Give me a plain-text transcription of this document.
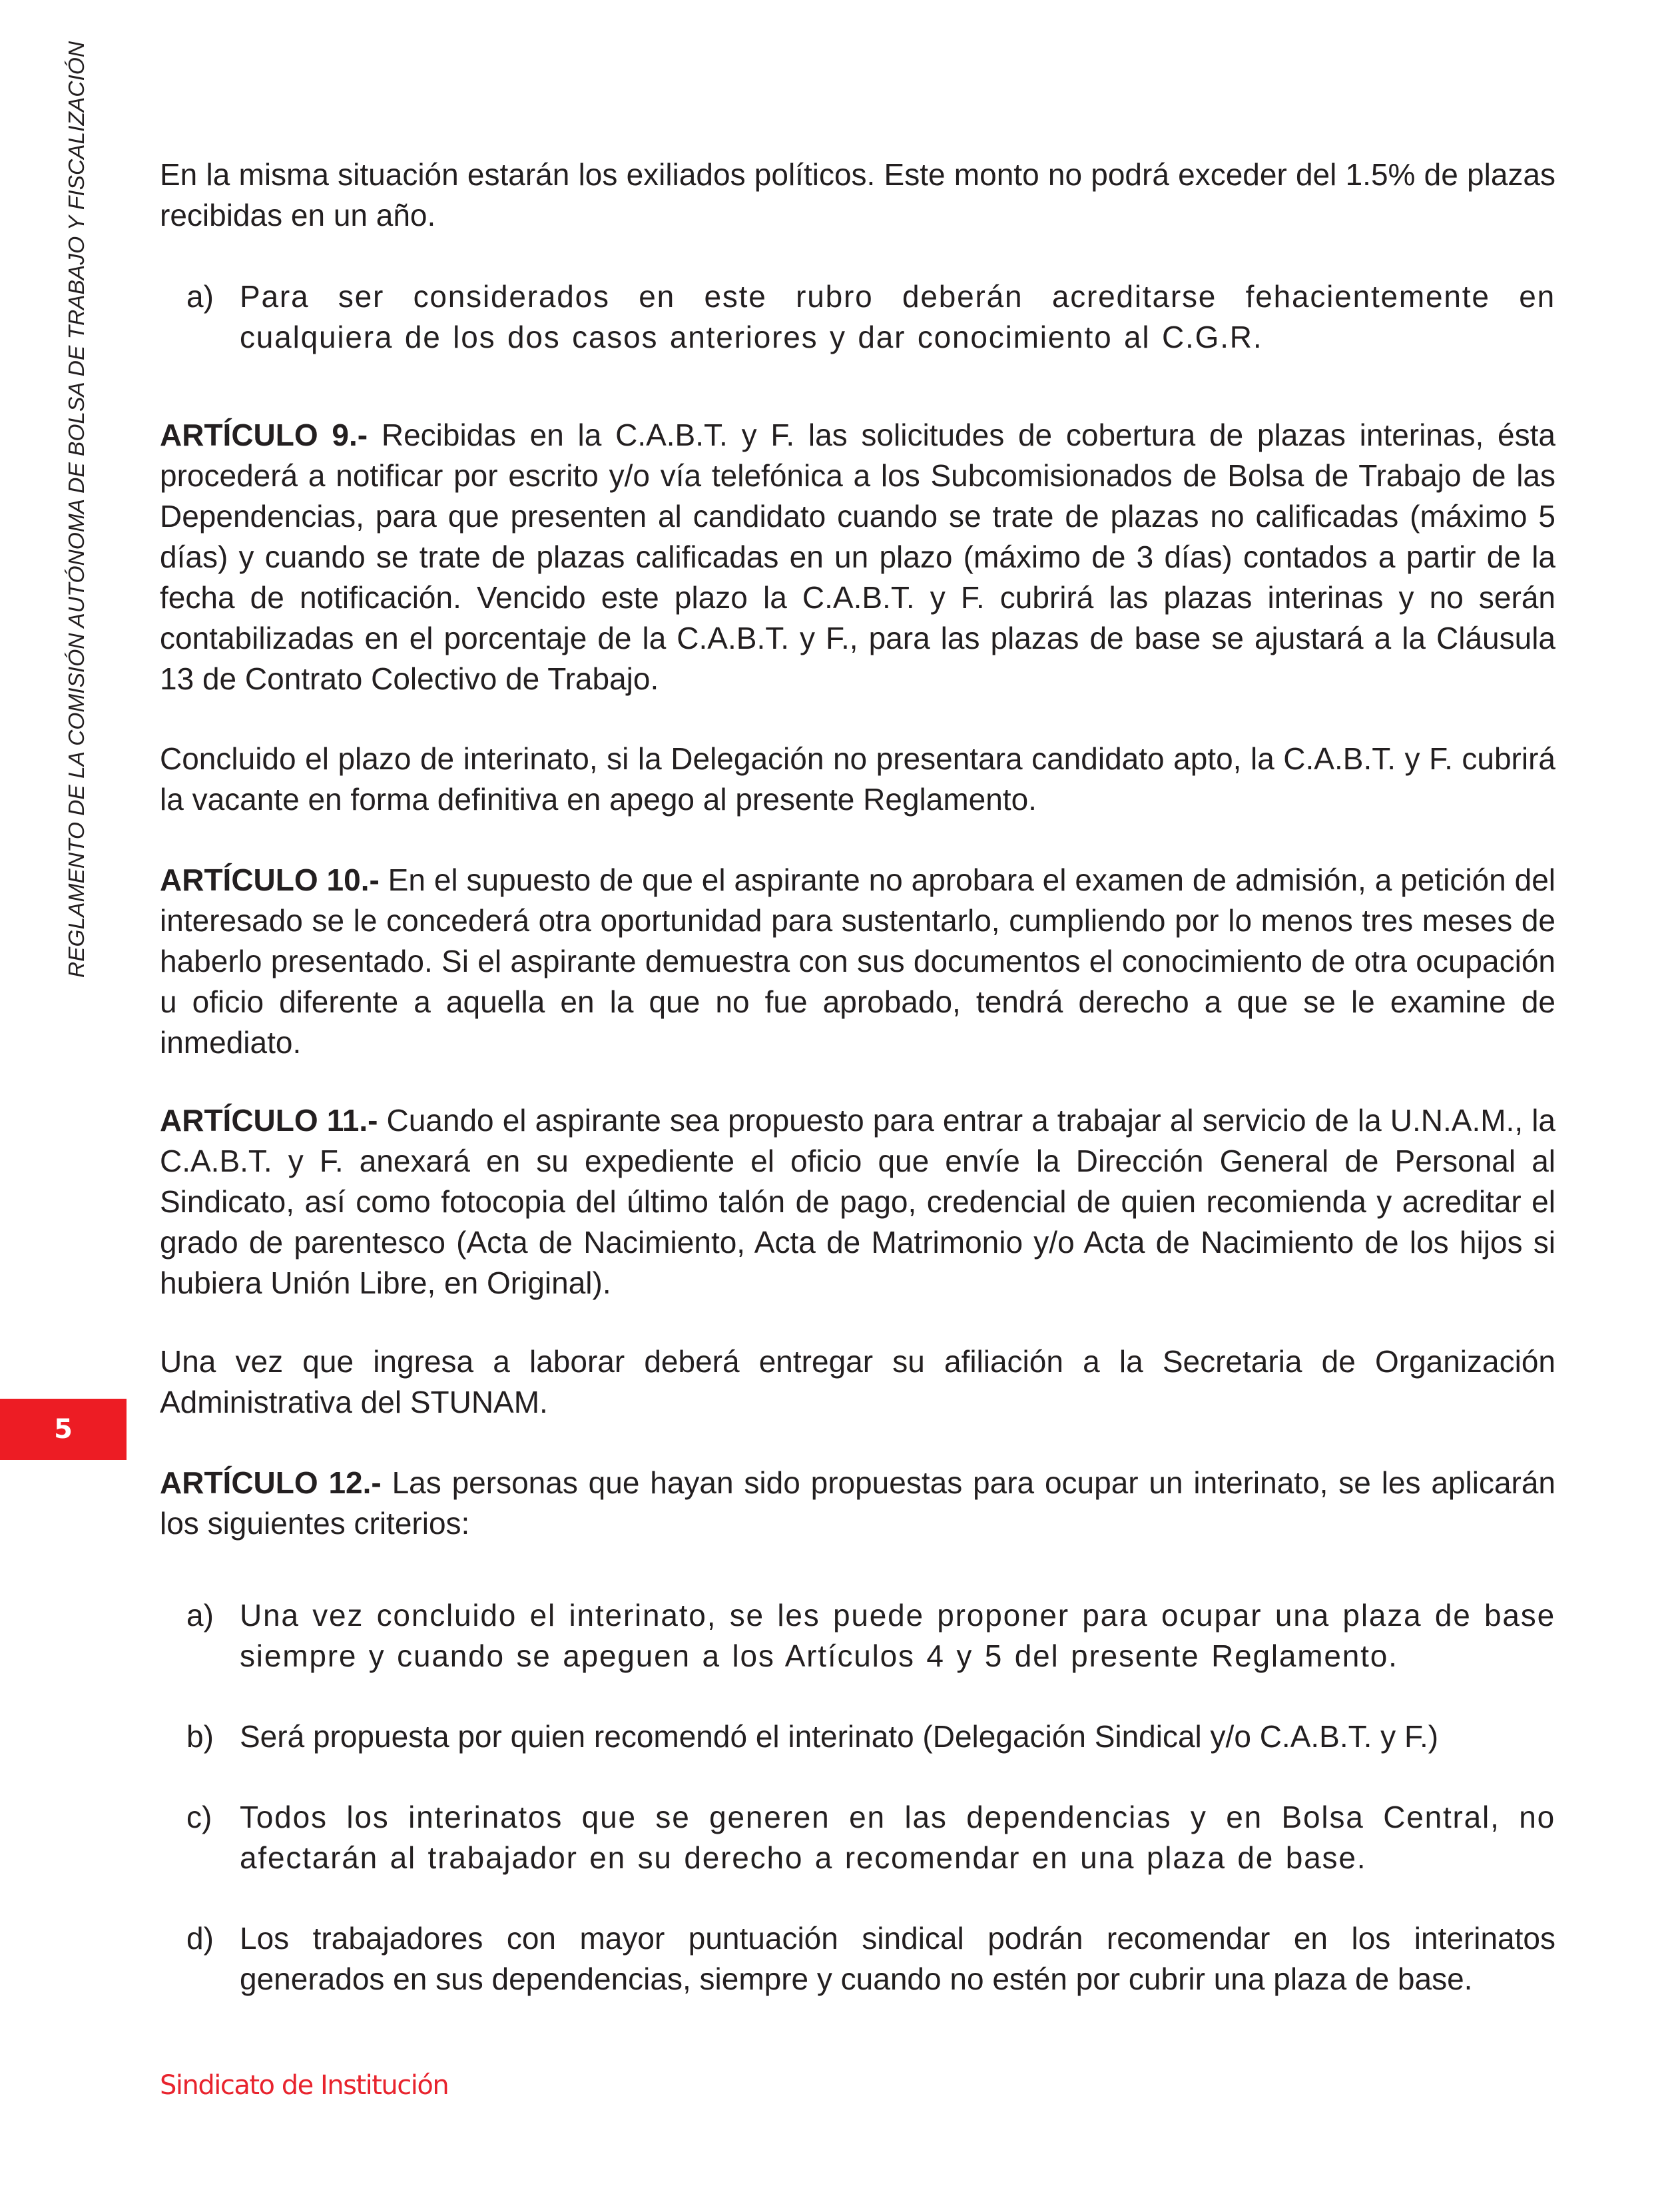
REGLAMENTO DE LA COMISIÓN AUTÓNOMA DE BOLSA DE TRABAJO Y FISCALIZACIÓN
5

En la misma situación estarán los exiliados políticos. Este monto no podrá exceder del 1.5% de plazas recibidas en un año.

a) Para ser considerados en este rubro deberán acreditarse fehacientemente en cualquiera de los dos casos anteriores y dar conocimiento al C.G.R.

ARTÍCULO 9.- Recibidas en la C.A.B.T. y F. las solicitudes de cobertura de plazas interinas, ésta procederá a notificar por escrito y/o vía telefónica a los Subcomisionados de Bolsa de Trabajo de las Dependencias, para que presenten al candidato cuando se trate de plazas no calificadas (máximo 5 días) y cuando se trate de plazas calificadas en un plazo (máximo de 3 días) contados a partir de la fecha de notificación. Vencido este plazo la C.A.B.T. y F. cubrirá las plazas interinas y no serán contabilizadas en el porcentaje de la C.A.B.T. y F., para las plazas de base se ajustará a la Cláusula 13 de Contrato Colectivo de Trabajo.

Concluido el plazo de interinato, si la Delegación no presentara candidato apto, la C.A.B.T. y F. cubrirá la vacante en forma definitiva en apego al presente Reglamento.

ARTÍCULO 10.- En el supuesto de que el aspirante no aprobara el examen de admisión, a petición del interesado se le concederá otra oportunidad para sustentarlo, cumpliendo por lo menos tres meses de haberlo presentado. Si el aspirante demuestra con sus documentos el conocimiento de otra ocupación u oficio diferente a aquella en la que no fue aprobado, tendrá derecho a que se le examine de inmediato.

ARTÍCULO 11.- Cuando el aspirante sea propuesto para entrar a trabajar al servicio de la U.N.A.M., la C.A.B.T. y F. anexará en su expediente el oficio que envíe la Dirección General de Personal al Sindicato, así como fotocopia del último talón de pago, credencial de quien recomienda y acreditar el grado de parentesco (Acta de Nacimiento, Acta de Matrimonio y/o Acta de Nacimiento de los hijos si hubiera Unión Libre, en Original).

Una vez que ingresa a laborar deberá entregar su afiliación a la Secretaria de Organización Administrativa del STUNAM.

ARTÍCULO 12.- Las personas que hayan sido propuestas para ocupar un interinato, se les aplicarán los siguientes criterios:

a) Una vez concluido el interinato, se les puede proponer para ocupar una plaza de base siempre y cuando se apeguen a los Artículos 4 y 5 del presente Reglamento.
b) Será propuesta por quien recomendó el interinato (Delegación Sindical y/o C.A.B.T. y F.)
c) Todos los interinatos que se generen en las dependencias y en Bolsa Central, no afectarán al trabajador en su derecho a recomendar en una plaza de base.
d) Los trabajadores con mayor puntuación sindical podrán recomendar en los interinatos generados en sus dependencias, siempre y cuando no estén por cubrir una plaza de base.
Sindicato de Institución
